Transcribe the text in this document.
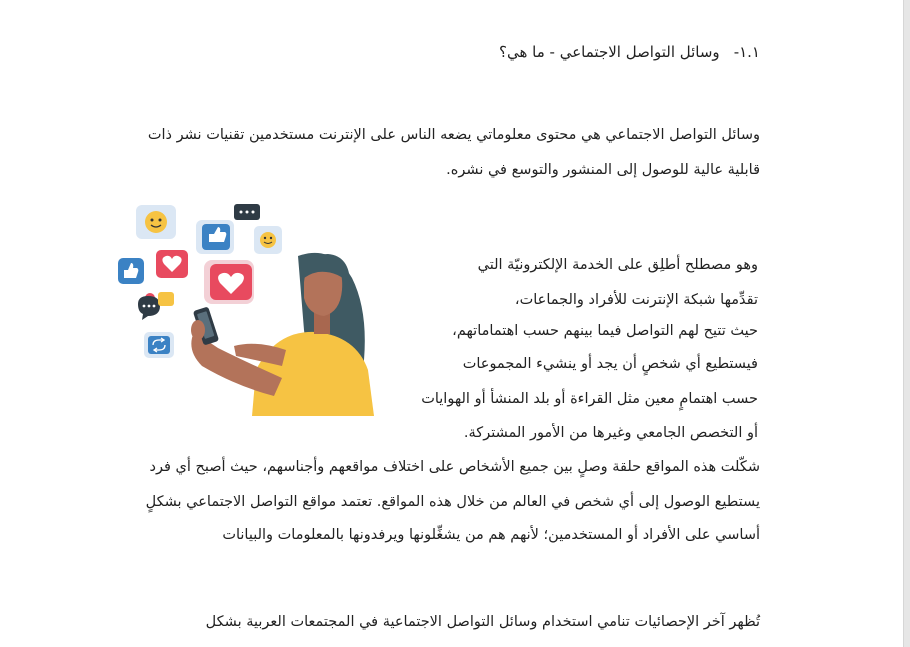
١.١-وسائل التواصل الاجتماعي - ما هي؟
وسائل التواصل الاجتماعي هي محتوى معلوماتي يضعه الناس على الإنترنت مستخدمين تقنيات نشر ذات
قابلية عالية للوصول إلى المنشور والتوسع في نشره.
وهو مصطلح أطلِق على الخدمة الإلكترونيّة التي
تقدِّمها شبكة الإنترنت للأفراد والجماعات،
حيث تتيح لهم التواصل فيما بينهم حسب اهتماماتهم،
فيستطيع أي شخصٍ أن يجد أو ينشيء المجموعات
حسب اهتمامٍ معين مثل القراءة أو بلد المنشأ أو الهوايات
أو التخصص الجامعي وغيرها من الأمور المشتركة.
شكّلت هذه المواقع حلقة وصلٍ بين جميع الأشخاص على اختلاف مواقعهم وأجناسهم، حيث أصبح أي فرد
يستطيع الوصول إلى أي شخص في العالم من خلال هذه المواقع. تعتمد مواقع التواصل الاجتماعي بشكلٍ
أساسي على الأفراد أو المستخدمين؛ لأنهم هم من يشغِّلونها ويرفدونها بالمعلومات والبيانات
تُظهر آخر الإحصائيات تنامي استخدام وسائل التواصل الاجتماعية في المجتمعات العربية بشكل
